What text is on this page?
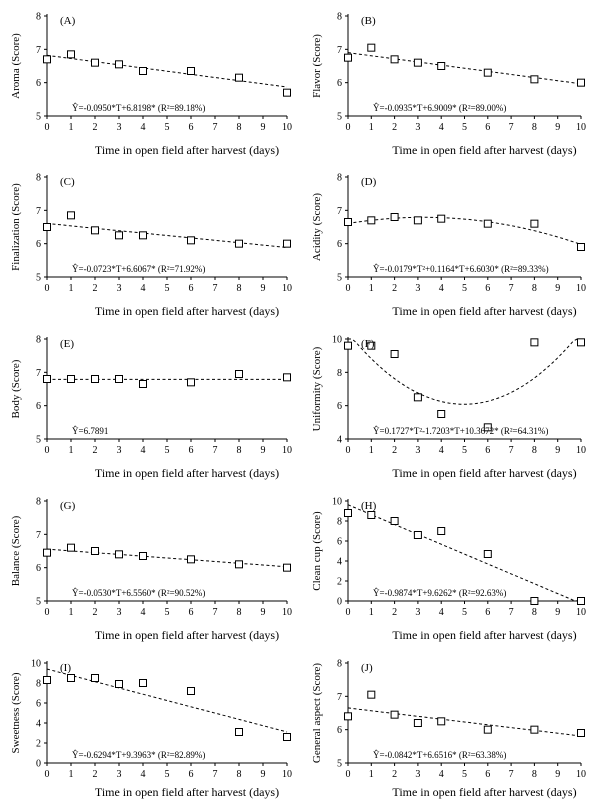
5
6
7
8
0 1 2 3 4 5 6 7 8 9 10
(A)
Ŷ=-0.0950*T+6.8198* (R²=89.18%)
Aroma (Score)
Time in open field after harvest (days)
5
6
7
8
0 1 2 3 4 5 6 7 8 9 10
(B)
Ŷ=-0.0935*T+6.9009* (R²=89.00%)
Flavor (Score)
Time in open field after harvest (days)
5
6
7
8
0 1 2 3 4 5 6 7 8 9 10
(C)
Ŷ=-0.0723*T+6.6067* (R²=71.92%)
Finalization (Score)
Time in open field after harvest (days)
5
6
7
8
0 1 2 3 4 5 6 7 8 9 10
(D)
Ŷ=-0.0179*T²+0.1164*T+6.6030* (R²=89.33%)
Acidity (Score)
Time in open field after harvest (days)
5
6
7
8
0 1 2 3 4 5 6 7 8 9 10
(E)
Ŷ=6.7891
Body (Score)
Time in open field after harvest (days)
4
6
8
10
0 1 2 3 4 5 6 7 8 9 10
(F)
Ŷ=0.1727*T²-1.7203*T+10.3672* (R²=64.31%)
Uniformity (Score)
Time in open field after harvest (days)
5
6
7
8
0 1 2 3 4 5 6 7 8 9 10
(G)
Ŷ=-0.0530*T+6.5560* (R²=90.52%)
Balance (Score)
Time in open field after harvest (days)
0
2
4
6
8
10
0 1 2 3 4 5 6 7 8 9 10
(H)
Ŷ=-0.9874*T+9.6262* (R²=92.63%)
Clean cup (Score)
Time in open field after harvest (days)
0
2
4
6
8
10
0 1 2 3 4 5 6 7 8 9 10
(I)
Ŷ=-0.6294*T+9.3963* (R²=82.89%)
Sweetness (Score)
Time in open field after harvest (days)
5
6
7
8
0 1 2 3 4 5 6 7 8 9 10
(J)
Ŷ=-0.0842*T+6.6516* (R²=63.38%)
General aspect (Score)
Time in open field after harvest (days)
